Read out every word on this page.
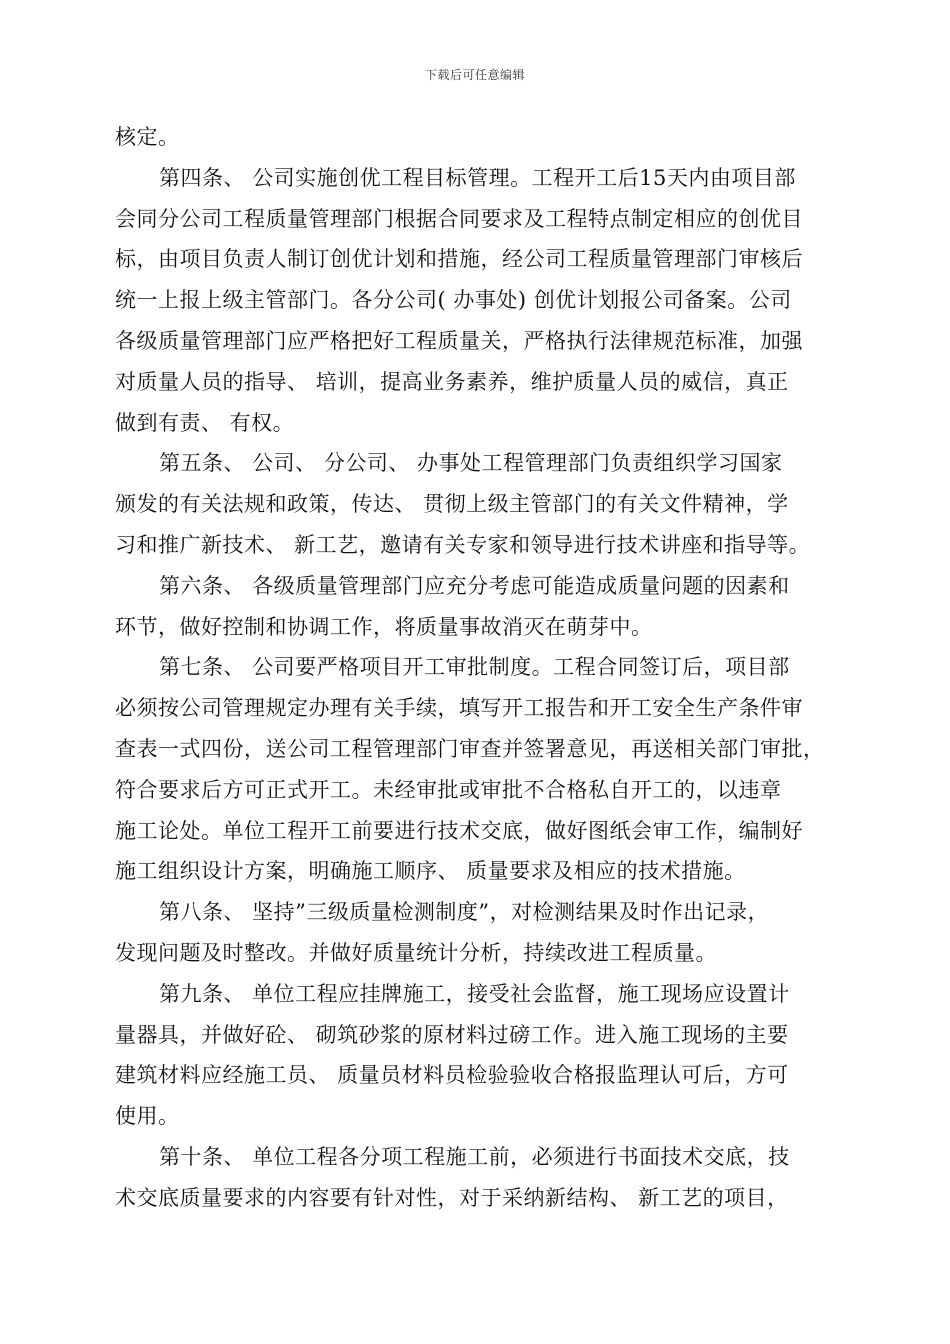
下载后可任意编辑
核定。
第四条、 公司实施创优工程目标管理。工程开工后15天内由项目部
会同分公司工程质量管理部门根据合同要求及工程特点制定相应的创优目
标，由项目负责人制订创优计划和措施，经公司工程质量管理部门审核后
统一上报上级主管部门。各分公司( 办事处) 创优计划报公司备案。公司
各级质量管理部门应严格把好工程质量关，严格执行法律规范标准，加强
对质量人员的指导、 培训，提高业务素养，维护质量人员的威信，真正
做到有责、 有权。
第五条、 公司、 分公司、 办事处工程管理部门负责组织学习国家
颁发的有关法规和政策，传达、 贯彻上级主管部门的有关文件精神，学
习和推广新技术、 新工艺，邀请有关专家和领导进行技术讲座和指导等。
第六条、 各级质量管理部门应充分考虑可能造成质量问题的因素和
环节，做好控制和协调工作，将质量事故消灭在萌芽中。
第七条、 公司要严格项目开工审批制度。工程合同签订后，项目部
必须按公司管理规定办理有关手续，填写开工报告和开工安全生产条件审
查表一式四份，送公司工程管理部门审查并签署意见，再送相关部门审批，
符合要求后方可正式开工。未经审批或审批不合格私自开工的，以违章
施工论处。单位工程开工前要进行技术交底，做好图纸会审工作，编制好
施工组织设计方案，明确施工顺序、 质量要求及相应的技术措施。
第八条、 坚持”三级质量检测制度”，对检测结果及时作出记录，
发现问题及时整改。并做好质量统计分析，持续改进工程质量。
第九条、 单位工程应挂牌施工，接受社会监督，施工现场应设置计
量器具，并做好砼、 砌筑砂浆的原材料过磅工作。进入施工现场的主要
建筑材料应经施工员、 质量员材料员检验验收合格报监理认可后，方可
使用。
第十条、 单位工程各分项工程施工前，必须进行书面技术交底，技
术交底质量要求的内容要有针对性，对于采纳新结构、 新工艺的项目，
